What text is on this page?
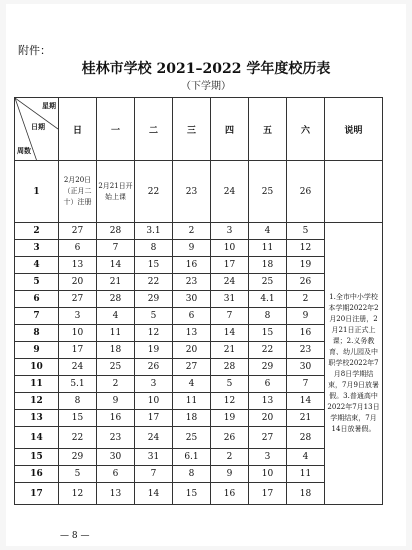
附件：
桂林市学校 2021–2022 学年度校历表
（下学期）
星期
日期
周数	日	一	二	三	四	五	六	说明
1	2月20日（正月二十）注册	2月21日开始上课	22	23	24	25	26	
2	27	28	3.1	2	3	4	5	1.全市中小学校本学期2022年2月20日注册，2月21日正式上课；2.义务教育、幼儿园及中职学校2022年7月8日学期结束，7月9日放暑假。3.普通高中2022年7月13日学期结束，7月14日放暑假。
3	6	7	8	9	10	11	12	
4	13	14	15	16	17	18	19	
5	20	21	22	23	24	25	26	
6	27	28	29	30	31	4.1	2	
7	3	4	5	6	7	8	9	
8	10	11	12	13	14	15	16	
9	17	18	19	20	21	22	23	
10	24	25	26	27	28	29	30	
11	5.1	2	3	4	5	6	7	
12	8	9	10	11	12	13	14	
13	15	16	17	18	19	20	21	
14	22	23	24	25	26	27	28	
15	29	30	31	6.1	2	3	4	
16	5	6	7	8	9	10	11	
17	12	13	14	15	16	17	18	
— 8 —
